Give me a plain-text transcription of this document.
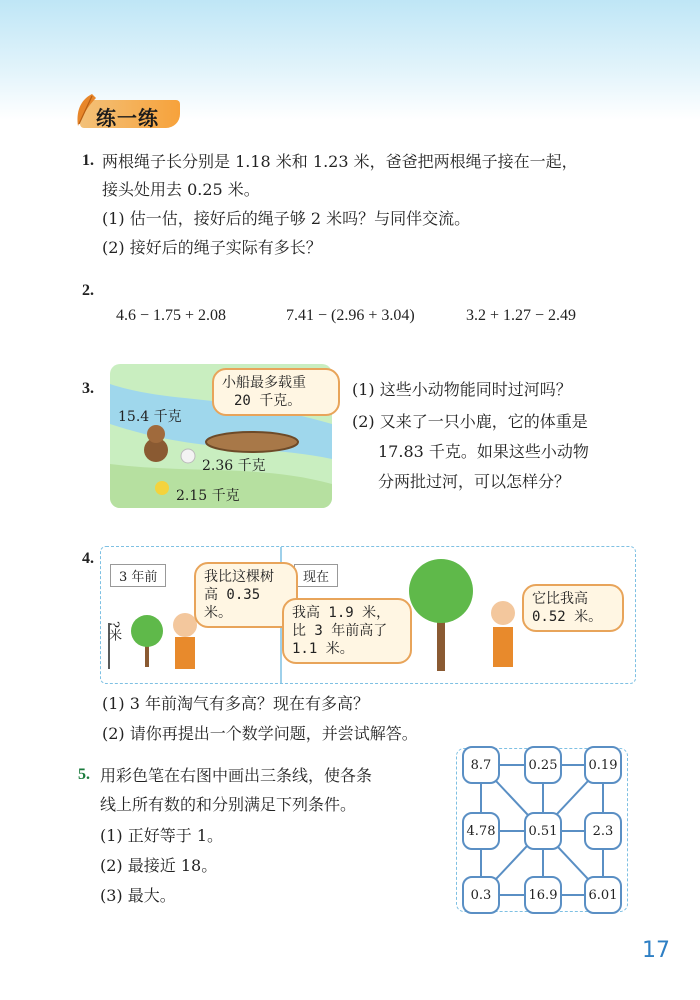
练一练
1. 两根绳子长分别是 1.18 米和 1.23 米，爸爸把两根绳子接在一起，
接头处用去 0.25 米。
(1) 估一估，接好后的绳子够 2 米吗？与同伴交流。
(2) 接好后的绳子实际有多长？
2.
4.6 − 1.75 + 2.08	7.41 − (2.96 + 3.04)	3.2 + 1.27 − 2.49
3.	小船最多载重
20 千克。
15.4 千克
2.36 千克
2.15 千克
(1) 这些小动物能同时过河吗？
(2) 又来了一只小鹿，它的体重是
17.83 千克。如果这些小动物
分两批过河，可以怎样分？
4.
?米
3 年前	现在
我比这棵树
高 0.35 米。	我高 1.9 米，
比 3 年前高了
1.1 米。
它比我高
0.52 米。
(1) 3 年前淘气有多高？现在有多高？
(2) 请你再提出一个数学问题，并尝试解答。
5. 用彩色笔在右图中画出三条线，使各条
线上所有数的和分别满足下列条件。
(1) 正好等于 1。
(2) 最接近 18。
(3) 最大。
8.7	0.25	0.19
4.78	0.51	2.3
0.3	16.9	6.01
17
